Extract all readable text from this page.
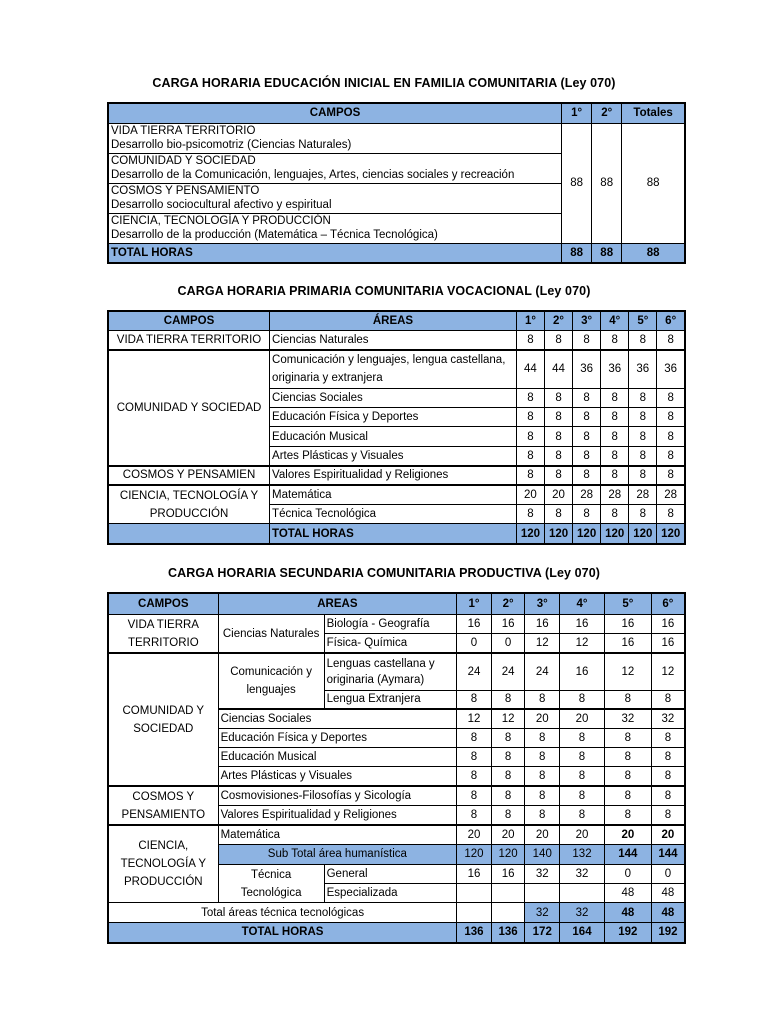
CARGA HORARIA EDUCACIÓN INICIAL EN FAMILIA COMUNITARIA (Ley 070)
CAMPOS	1°	2°	Totales

VIDA TIERRA TERRITORIO
Desarrollo bio-psicomotriz (Ciencias Naturales)	88	88	88

COMUNIDAD Y SOCIEDAD
Desarrollo de la Comunicación, lenguajes, Artes, ciencias sociales y recreación			

COSMOS Y PENSAMIENTO
Desarrollo sociocultural afectivo y espiritual			

CIENCIA, TECNOLOGÍA Y PRODUCCIÓN
Desarrollo de la producción (Matemática – Técnica Tecnológica)			

TOTAL HORAS	88	88	88
CARGA HORARIA PRIMARIA COMUNITARIA VOCACIONAL (Ley 070)
CAMPOS	ÁREAS	1°	2°	3°	4°	5°	6°
VIDA TIERRA TERRITORIO	Ciencias Naturales	8	8	8	8	8	8
COMUNIDAD Y SOCIEDAD	Comunicación y lenguajes, lengua castellana, originaria y extranjera	44	44	36	36	36	36
	Ciencias Sociales	8	8	8	8	8	8
	Educación Física y Deportes	8	8	8	8	8	8
	Educación Musical	8	8	8	8	8	8
	Artes Plásticas y Visuales	8	8	8	8	8	8
COSMOS Y PENSAMIEN	Valores Espiritualidad y Religiones	8	8	8	8	8	8
CIENCIA, TECNOLOGÍA Y PRODUCCIÓN	Matemática	20	20	28	28	28	28
	Técnica Tecnológica	8	8	8	8	8	8
	TOTAL HORAS	120	120	120	120	120	120
CARGA HORARIA SECUNDARIA COMUNITARIA PRODUCTIVA (Ley 070)
CAMPOS	AREAS		1°	2°	3°	4°	5°	6°
VIDA TIERRA TERRITORIO	Ciencias Naturales	Biología - Geografía	16	16	16	16	16	16
		Física- Química	0	0	12	12	16	16
COMUNIDAD Y SOCIEDAD	Comunicación y lenguajes	Lenguas castellana y originaria (Aymara)	24	24	24	16	12	12
		Lengua Extranjera	8	8	8	8	8	8
	Ciencias Sociales		12	12	20	20	32	32
	Educación Física y Deportes		8	8	8	8	8	8
	Educación Musical		8	8	8	8	8	8
	Artes Plásticas y Visuales		8	8	8	8	8	8
COSMOS Y PENSAMIENTO	Cosmovisiones-Filosofías y Sicología		8	8	8	8	8	8
	Valores Espiritualidad y Religiones		8	8	8	8	8	8
CIENCIA, TECNOLOGÍA Y PRODUCCIÓN	Matemática		20	20	20	20	20	20
	Sub Total área humanística		120	120	140	132	144	144
	Técnica Tecnológica	General	16	16	32	32	0	0
		Especializada					48	48
Total áreas técnica tecnológicas					32	32	48	48
TOTAL HORAS			136	136	172	164	192	192
